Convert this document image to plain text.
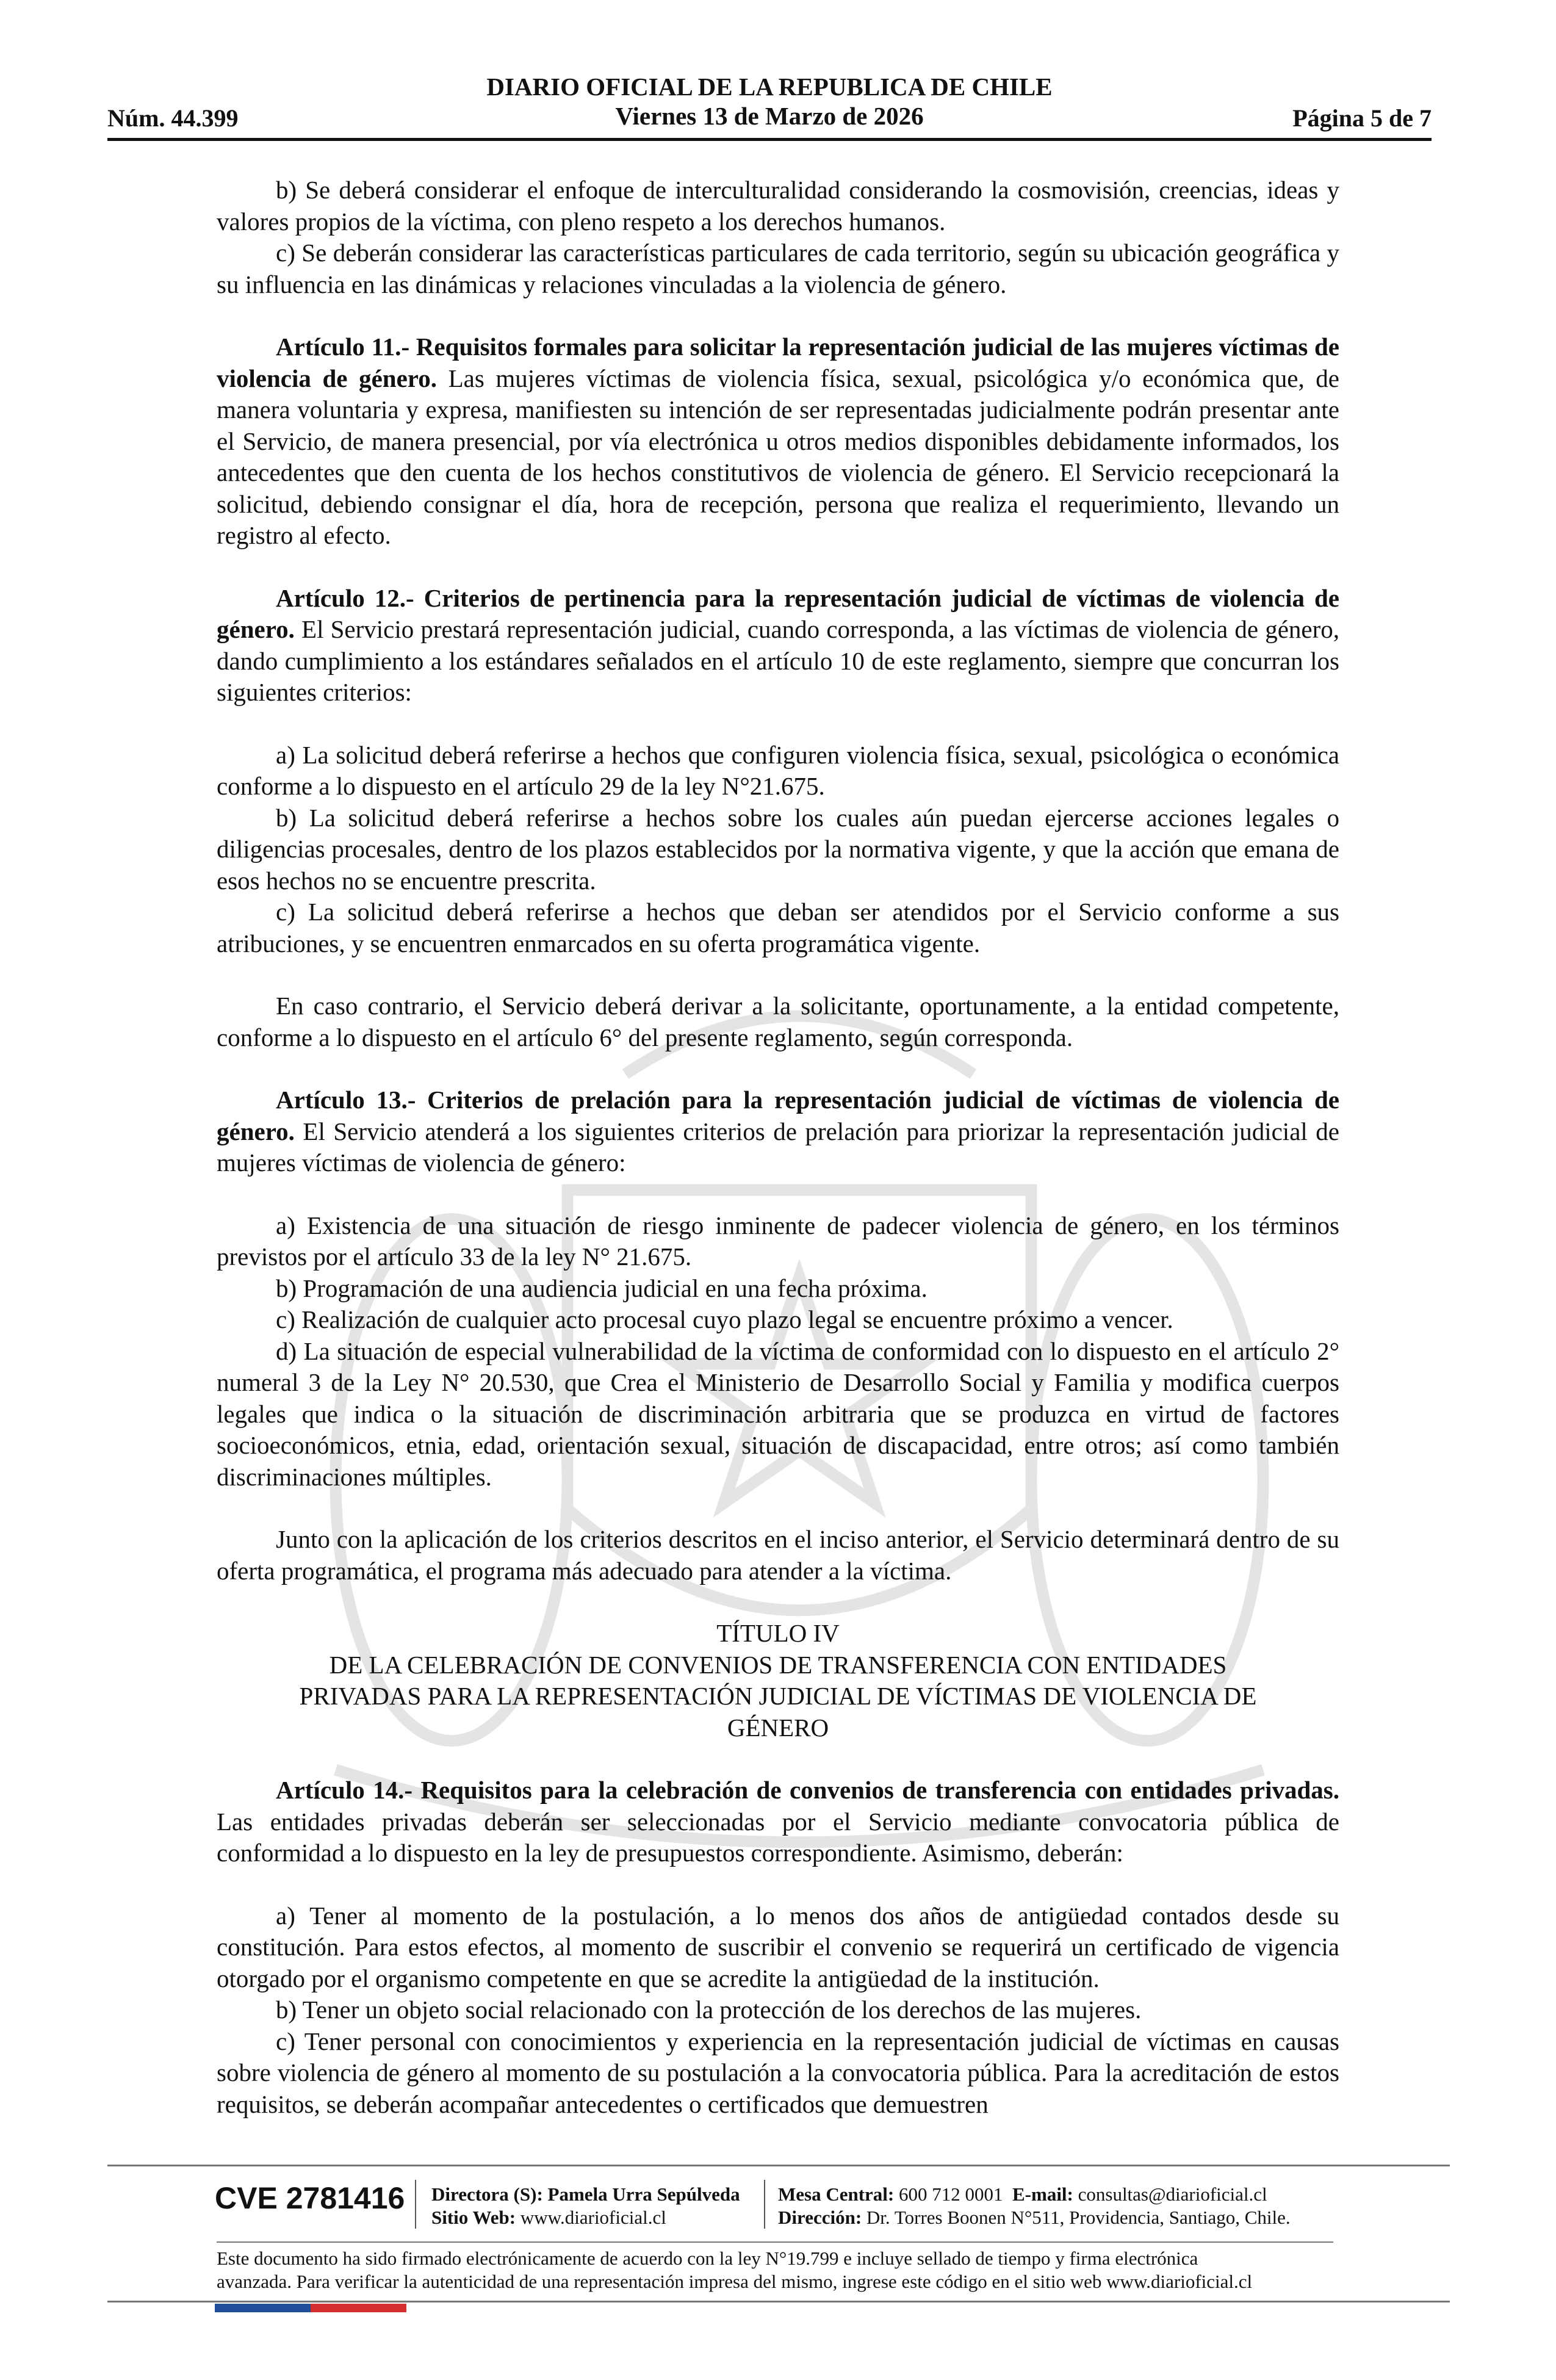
Núm. 44.399
DIARIO OFICIAL DE LA REPUBLICA DE CHILE
Viernes 13 de Marzo de 2026	Página 5 de 7

b) Se deberá considerar el enfoque de interculturalidad considerando la cosmovisión, creencias, ideas y valores propios de la víctima, con pleno respeto a los derechos humanos.

c) Se deberán considerar las características particulares de cada territorio, según su ubicación geográfica y su influencia en las dinámicas y relaciones vinculadas a la violencia de género.

Artículo 11.- Requisitos formales para solicitar la representación judicial de las mujeres víctimas de violencia de género. Las mujeres víctimas de violencia física, sexual, psicológica y/o económica que, de manera voluntaria y expresa, manifiesten su intención de ser representadas judicialmente podrán presentar ante el Servicio, de manera presencial, por vía electrónica u otros medios disponibles debidamente informados, los antecedentes que den cuenta de los hechos constitutivos de violencia de género. El Servicio recepcionará la solicitud, debiendo consignar el día, hora de recepción, persona que realiza el requerimiento, llevando un registro al efecto.

Artículo 12.- Criterios de pertinencia para la representación judicial de víctimas de violencia de género. El Servicio prestará representación judicial, cuando corresponda, a las víctimas de violencia de género, dando cumplimiento a los estándares señalados en el artículo 10 de este reglamento, siempre que concurran los siguientes criterios:

a) La solicitud deberá referirse a hechos que configuren violencia física, sexual, psicológica o económica conforme a lo dispuesto en el artículo 29 de la ley N°21.675.

b) La solicitud deberá referirse a hechos sobre los cuales aún puedan ejercerse acciones legales o diligencias procesales, dentro de los plazos establecidos por la normativa vigente, y que la acción que emana de esos hechos no se encuentre prescrita.

c) La solicitud deberá referirse a hechos que deban ser atendidos por el Servicio conforme a sus atribuciones, y se encuentren enmarcados en su oferta programática vigente.

En caso contrario, el Servicio deberá derivar a la solicitante, oportunamente, a la entidad competente, conforme a lo dispuesto en el artículo 6° del presente reglamento, según corresponda.

Artículo 13.- Criterios de prelación para la representación judicial de víctimas de violencia de género. El Servicio atenderá a los siguientes criterios de prelación para priorizar la representación judicial de mujeres víctimas de violencia de género:

a) Existencia de una situación de riesgo inminente de padecer violencia de género, en los términos previstos por el artículo 33 de la ley N° 21.675.

b) Programación de una audiencia judicial en una fecha próxima.

c) Realización de cualquier acto procesal cuyo plazo legal se encuentre próximo a vencer.

d) La situación de especial vulnerabilidad de la víctima de conformidad con lo dispuesto en el artículo 2° numeral 3 de la Ley N° 20.530, que Crea el Ministerio de Desarrollo Social y Familia y modifica cuerpos legales que indica o la situación de discriminación arbitraria que se produzca en virtud de factores socioeconómicos, etnia, edad, orientación sexual, situación de discapacidad, entre otros; así como también discriminaciones múltiples.

Junto con la aplicación de los criterios descritos en el inciso anterior, el Servicio determinará dentro de su oferta programática, el programa más adecuado para atender a la víctima.

TÍTULO IV
DE LA CELEBRACIÓN DE CONVENIOS DE TRANSFERENCIA CON ENTIDADES
PRIVADAS PARA LA REPRESENTACIÓN JUDICIAL DE VÍCTIMAS DE VIOLENCIA DE
GÉNERO

Artículo 14.- Requisitos para la celebración de convenios de transferencia con entidades privadas. Las entidades privadas deberán ser seleccionadas por el Servicio mediante convocatoria pública de conformidad a lo dispuesto en la ley de presupuestos correspondiente. Asimismo, deberán:

a) Tener al momento de la postulación, a lo menos dos años de antigüedad contados desde su constitución. Para estos efectos, al momento de suscribir el convenio se requerirá un certificado de vigencia otorgado por el organismo competente en que se acredite la antigüedad de la institución.

b) Tener un objeto social relacionado con la protección de los derechos de las mujeres.

c) Tener personal con conocimientos y experiencia en la representación judicial de víctimas en causas sobre violencia de género al momento de su postulación a la convocatoria pública. Para la acreditación de estos requisitos, se deberán acompañar antecedentes o certificados que demuestren

CVE 2781416 Directora (S): Pamela Urra Sepúlveda
Sitio Web: www.diarioficial.cl
Mesa Central: 600 712 0001 E-mail: consultas@diarioficial.cl
Dirección: Dr. Torres Boonen N°511, Providencia, Santiago, Chile.
Este documento ha sido firmado electrónicamente de acuerdo con la ley N°19.799 e incluye sellado de tiempo y firma electrónica
avanzada. Para verificar la autenticidad de una representación impresa del mismo, ingrese este código en el sitio web www.diarioficial.cl
